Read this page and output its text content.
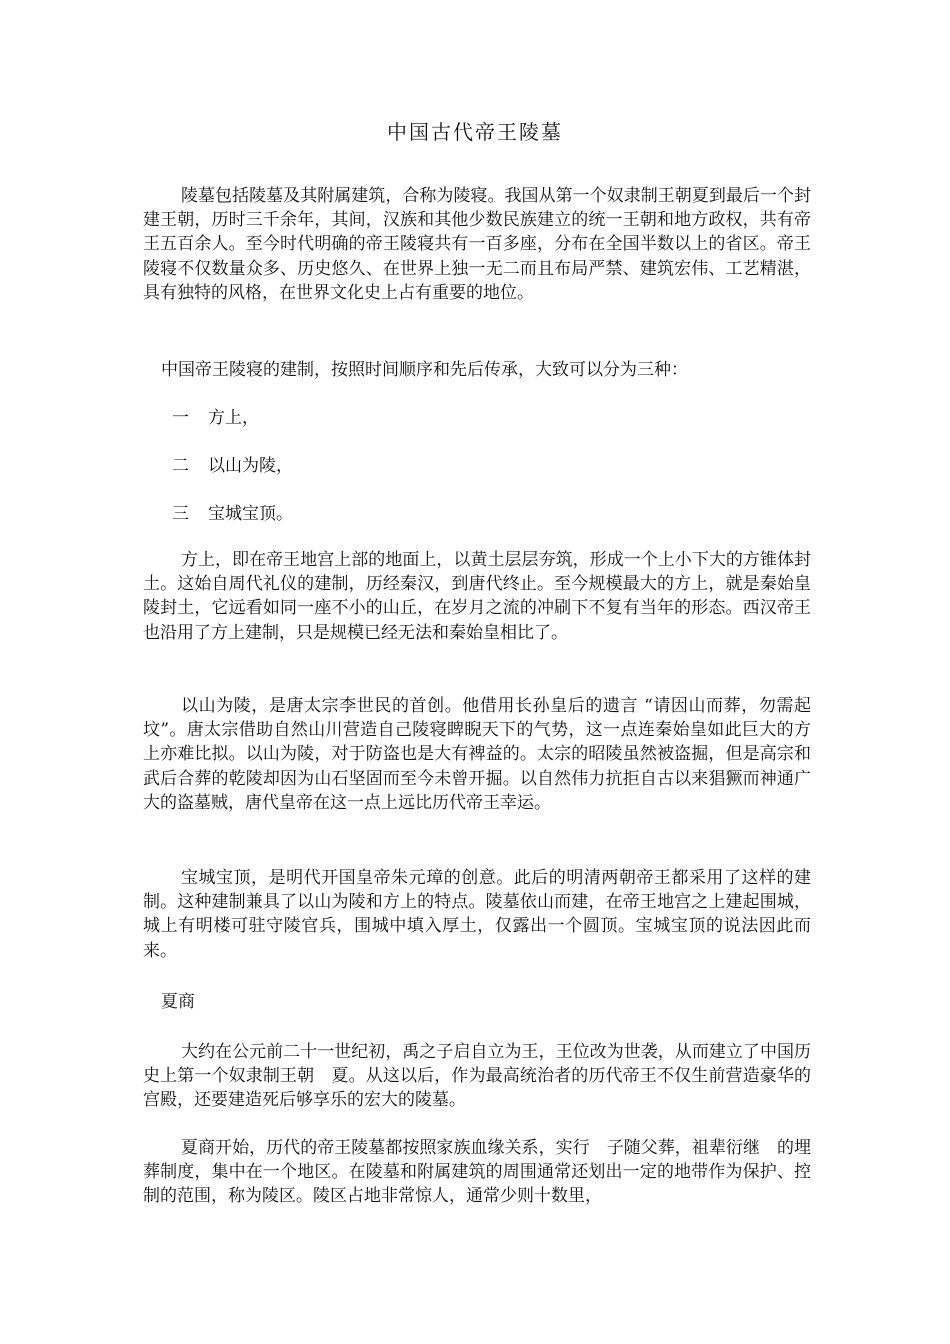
中国古代帝王陵墓

陵墓包括陵墓及其附属建筑，合称为陵寝。我国从第一个奴隶制王朝夏到最后一个封建王朝，历时三千余年，其间，汉族和其他少数民族建立的统一王朝和地方政权，共有帝王五百余人。至今时代明确的帝王陵寝共有一百多座，分布在全国半数以上的省区。帝王陵寝不仅数量众多、历史悠久、在世界上独一无二而且布局严禁、建筑宏伟、工艺精湛，具有独特的风格，在世界文化史上占有重要的地位。

中国帝王陵寝的建制，按照时间顺序和先后传承，大致可以分为三种：

一 方上，
二 以山为陵，
三 宝城宝顶。

方上，即在帝王地宫上部的地面上，以黄土层层夯筑，形成一个上小下大的方锥体封土。这始自周代礼仪的建制，历经秦汉，到唐代终止。至今规模最大的方上，就是秦始皇陵封土，它远看如同一座不小的山丘，在岁月之流的冲刷下不复有当年的形态。西汉帝王也沿用了方上建制，只是规模已经无法和秦始皇相比了。

以山为陵，是唐太宗李世民的首创。他借用长孙皇后的遗言 “请因山而葬，勿需起坟”。唐太宗借助自然山川营造自己陵寝睥睨天下的气势，这一点连秦始皇如此巨大的方上亦难比拟。以山为陵，对于防盗也是大有裨益的。太宗的昭陵虽然被盗掘，但是高宗和武后合葬的乾陵却因为山石坚固而至今未曾开掘。以自然伟力抗拒自古以来猖獗而神通广大的盗墓贼，唐代皇帝在这一点上远比历代帝王幸运。

宝城宝顶，是明代开国皇帝朱元璋的创意。此后的明清两朝帝王都采用了这样的建制。这种建制兼具了以山为陵和方上的特点。陵墓依山而建，在帝王地宫之上建起围城，城上有明楼可驻守陵官兵，围城中填入厚土，仅露出一个圆顶。宝城宝顶的说法因此而来。

夏商

大约在公元前二十一世纪初，禹之子启自立为王，王位改为世袭，从而建立了中国历史上第一个奴隶制王朝　夏。从这以后，作为最高统治者的历代帝王不仅生前营造豪华的宫殿，还要建造死后够享乐的宏大的陵墓。

夏商开始，历代的帝王陵墓都按照家族血缘关系，实行　子随父葬，祖辈衍继　的埋葬制度，集中在一个地区。在陵墓和附属建筑的周围通常还划出一定的地带作为保护、控制的范围，称为陵区。陵区占地非常惊人，通常少则十数里，
